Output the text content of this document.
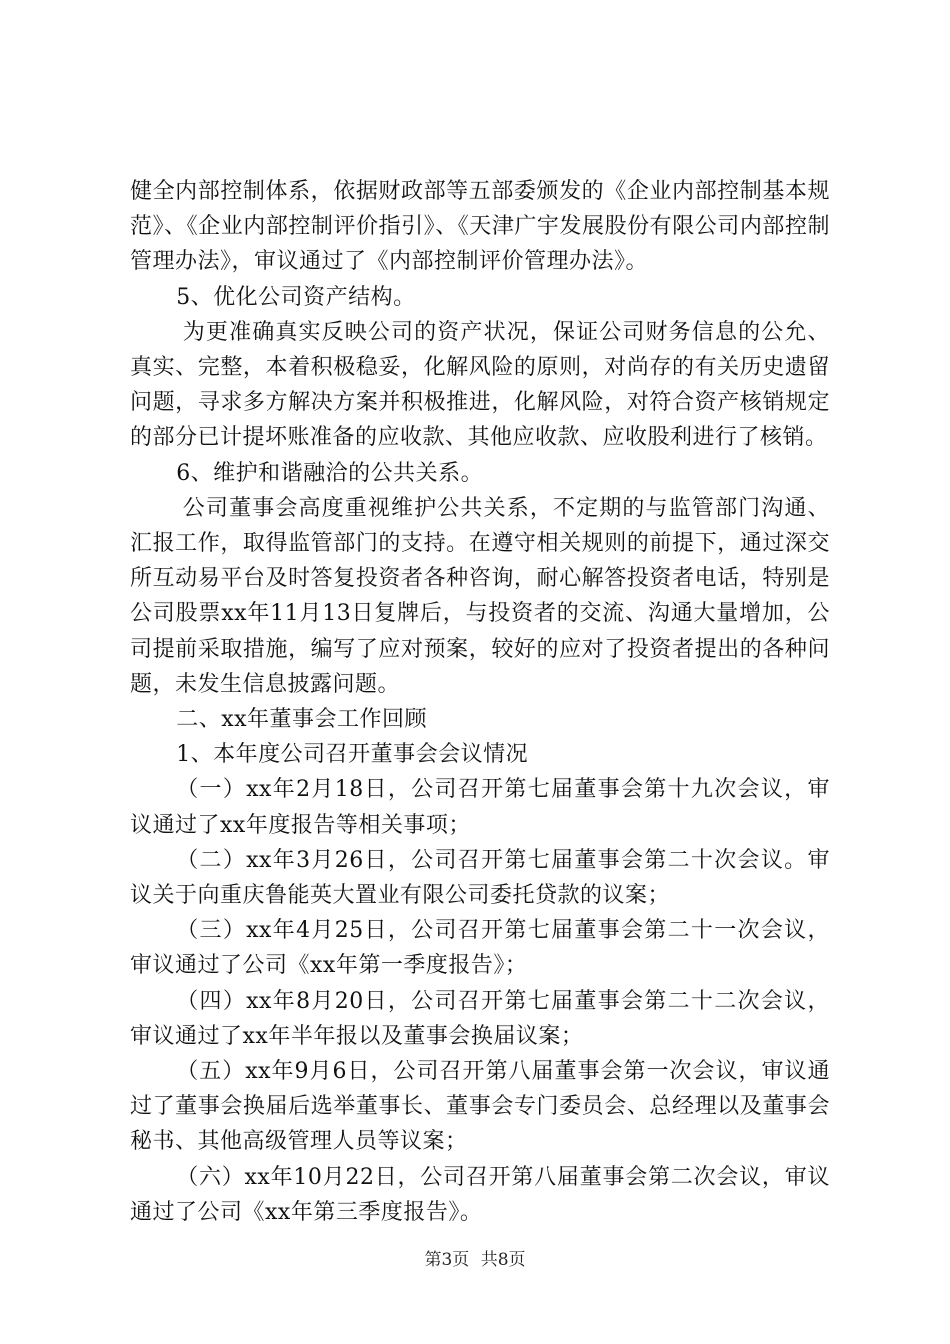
健全内部控制体系，依据财政部等五部委颁发的《企业内部控制基本规范》、《企业内部控制评价指引》、《天津广宇发展股份有限公司内部控制管理办法》，审议通过了《内部控制评价管理办法》。

5、优化公司资产结构。

为更准确真实反映公司的资产状况，保证公司财务信息的公允、真实、完整，本着积极稳妥，化解风险的原则，对尚存的有关历史遗留问题，寻求多方解决方案并积极推进，化解风险，对符合资产核销规定的部分已计提坏账准备的应收款、其他应收款、应收股利进行了核销。

6、维护和谐融洽的公共关系。

公司董事会高度重视维护公共关系，不定期的与监管部门沟通、汇报工作，取得监管部门的支持。在遵守相关规则的前提下，通过深交所互动易平台及时答复投资者各种咨询，耐心解答投资者电话，特别是公司股票xx年11月13日复牌后，与投资者的交流、沟通大量增加，公司提前采取措施，编写了应对预案，较好的应对了投资者提出的各种问题，未发生信息披露问题。

二、xx年董事会工作回顾

1、本年度公司召开董事会会议情况

（一）xx年2月18日，公司召开第七届董事会第十九次会议，审议通过了xx年度报告等相关事项；

（二）xx年3月26日，公司召开第七届董事会第二十次会议。审议关于向重庆鲁能英大置业有限公司委托贷款的议案；

（三）xx年4月25日，公司召开第七届董事会第二十一次会议，审议通过了公司《xx年第一季度报告》；

（四）xx年8月20日，公司召开第七届董事会第二十二次会议，审议通过了xx年半年报以及董事会换届议案；

（五）xx年9月6日，公司召开第八届董事会第一次会议，审议通过了董事会换届后选举董事长、董事会专门委员会、总经理以及董事会秘书、其他高级管理人员等议案；

（六）xx年10月22日，公司召开第八届董事会第二次会议，审议通过了公司《xx年第三季度报告》。

第3页 共8页
